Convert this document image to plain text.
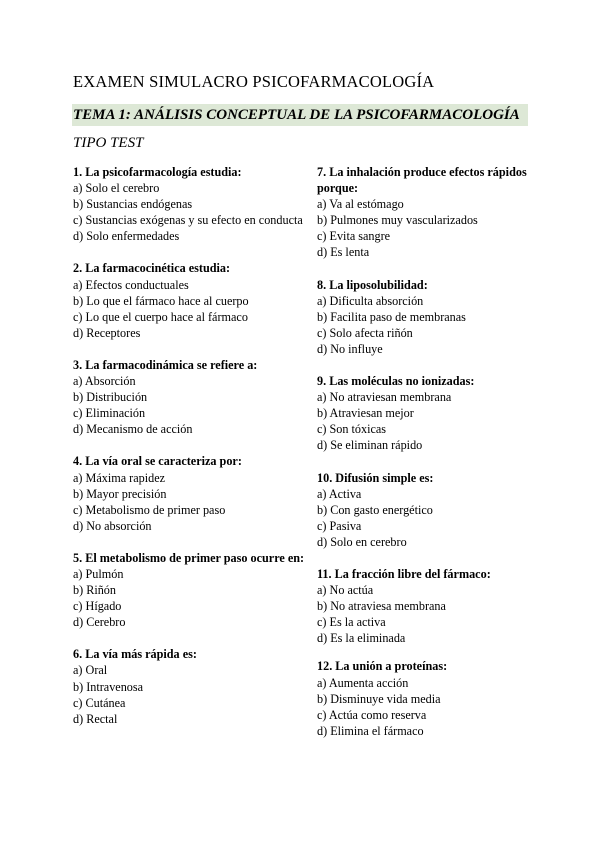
EXAMEN SIMULACRO PSICOFARMACOLOGÍA
TEMA 1: ANÁLISIS CONCEPTUAL DE LA PSICOFARMACOLOGÍA
TIPO TEST
1. La psicofarmacología estudia:
a) Solo el cerebro
b) Sustancias endógenas
c) Sustancias exógenas y su efecto en conducta
d) Solo enfermedades
2. La farmacocinética estudia:
a) Efectos conductuales
b) Lo que el fármaco hace al cuerpo
c) Lo que el cuerpo hace al fármaco
d) Receptores
3. La farmacodinámica se refiere a:
a) Absorción
b) Distribución
c) Eliminación
d) Mecanismo de acción
4. La vía oral se caracteriza por:
a) Máxima rapidez
b) Mayor precisión
c) Metabolismo de primer paso
d) No absorción
5. El metabolismo de primer paso ocurre en:
a) Pulmón
b) Riñón
c) Hígado
d) Cerebro
6. La vía más rápida es:
a) Oral
b) Intravenosa
c) Cutánea
d) Rectal
7. La inhalación produce efectos rápidos porque:
a) Va al estómago
b) Pulmones muy vascularizados
c) Evita sangre
d) Es lenta
8. La liposolubilidad:
a) Dificulta absorción
b) Facilita paso de membranas
c) Solo afecta riñón
d) No influye
9. Las moléculas no ionizadas:
a) No atraviesan membrana
b) Atraviesan mejor
c) Son tóxicas
d) Se eliminan rápido
10. Difusión simple es:
a) Activa
b) Con gasto energético
c) Pasiva
d) Solo en cerebro
11. La fracción libre del fármaco:
a) No actúa
b) No atraviesa membrana
c) Es la activa
d) Es la eliminada
12. La unión a proteínas:
a) Aumenta acción
b) Disminuye vida media
c) Actúa como reserva
d) Elimina el fármaco
